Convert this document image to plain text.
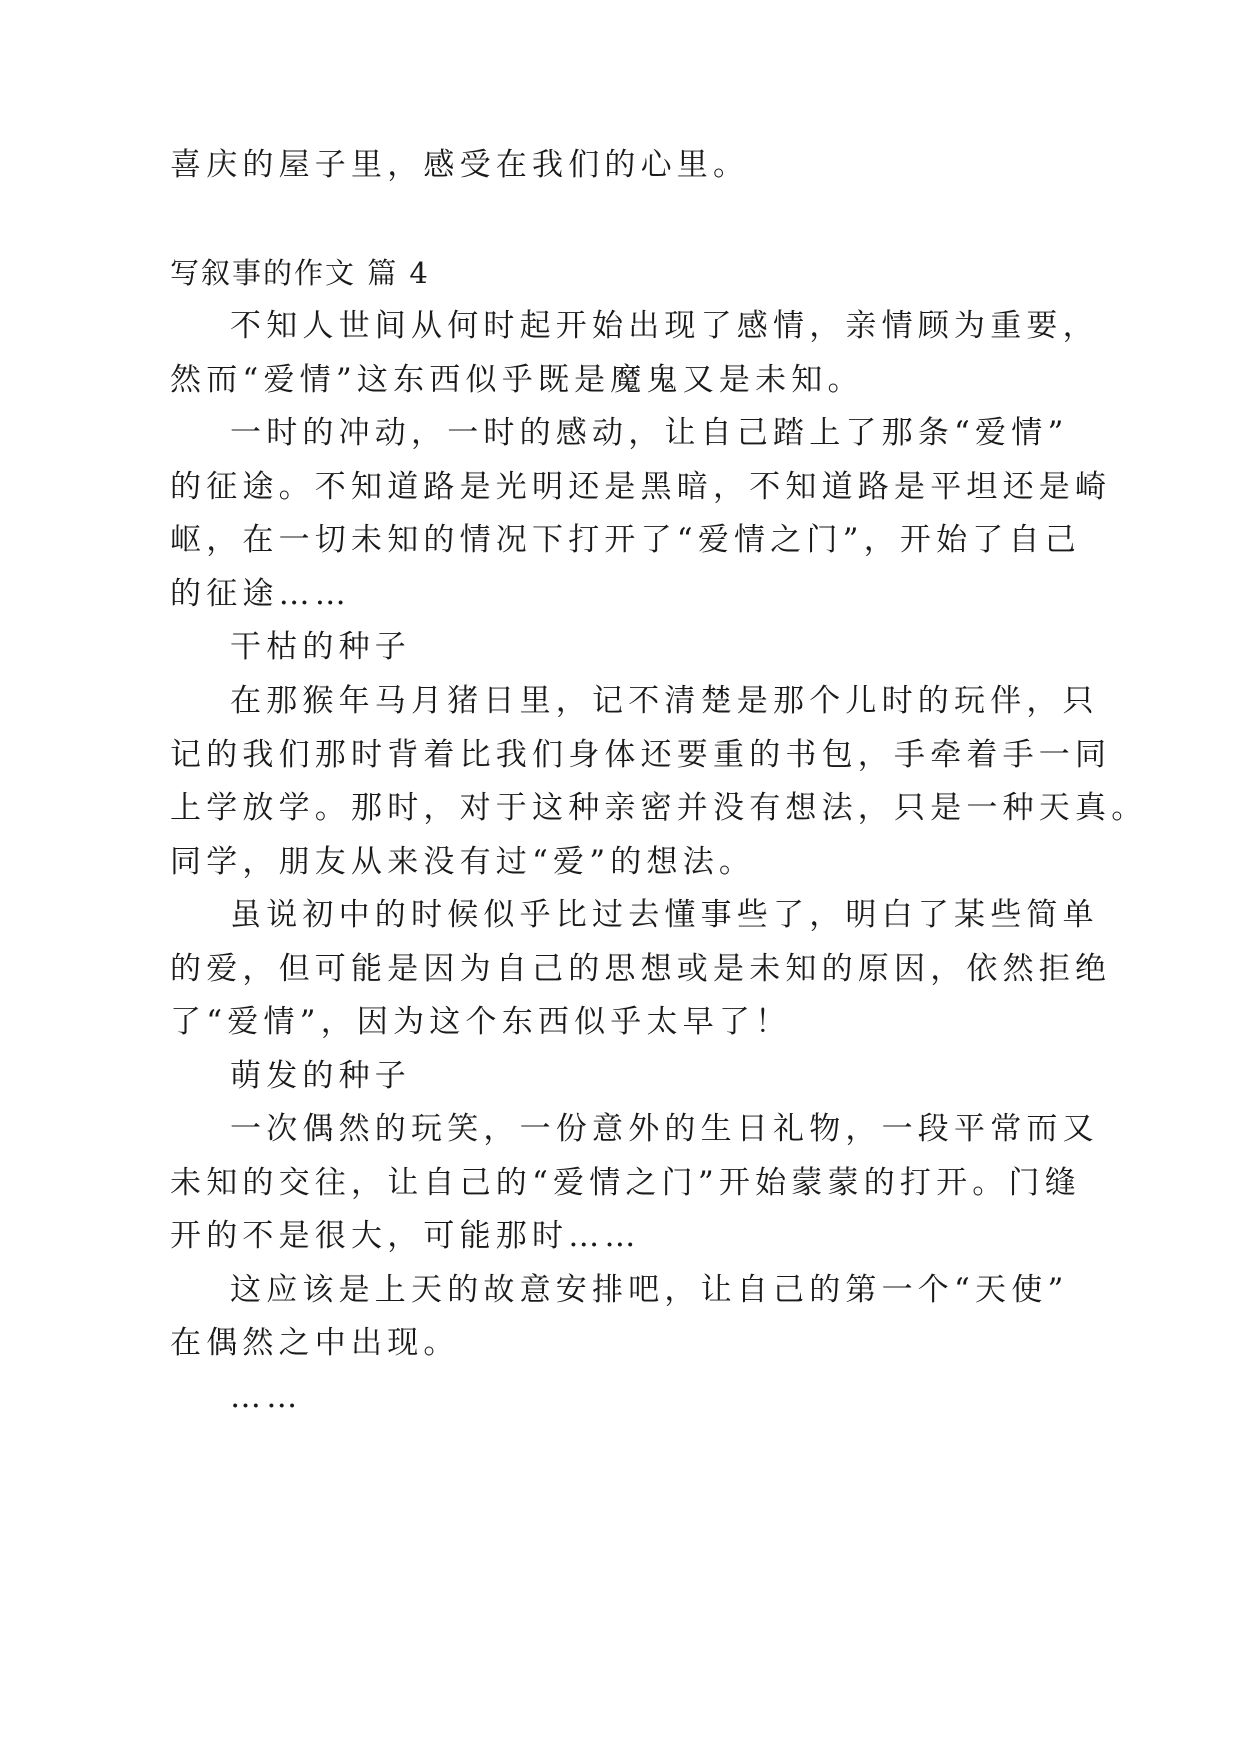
喜庆的屋子里，感受在我们的心里。
写叙事的作文 篇 4
不知人世间从何时起开始出现了感情，亲情顾为重要，
然而“爱情”这东西似乎既是魔鬼又是未知。
一时的冲动，一时的感动，让自己踏上了那条“爱情”
的征途。不知道路是光明还是黑暗，不知道路是平坦还是崎
岖，在一切未知的情况下打开了“爱情之门”，开始了自己
的征途……
干枯的种子
在那猴年马月猪日里，记不清楚是那个儿时的玩伴，只
记的我们那时背着比我们身体还要重的书包，手牵着手一同
上学放学。那时，对于这种亲密并没有想法，只是一种天真。
同学，朋友从来没有过“爱”的想法。
虽说初中的时候似乎比过去懂事些了，明白了某些简单
的爱，但可能是因为自己的思想或是未知的原因，依然拒绝
了“爱情”，因为这个东西似乎太早了！
萌发的种子
一次偶然的玩笑，一份意外的生日礼物，一段平常而又
未知的交往，让自己的“爱情之门”开始蒙蒙的打开。门缝
开的不是很大，可能那时……
这应该是上天的故意安排吧，让自己的第一个“天使”
在偶然之中出现。
……
